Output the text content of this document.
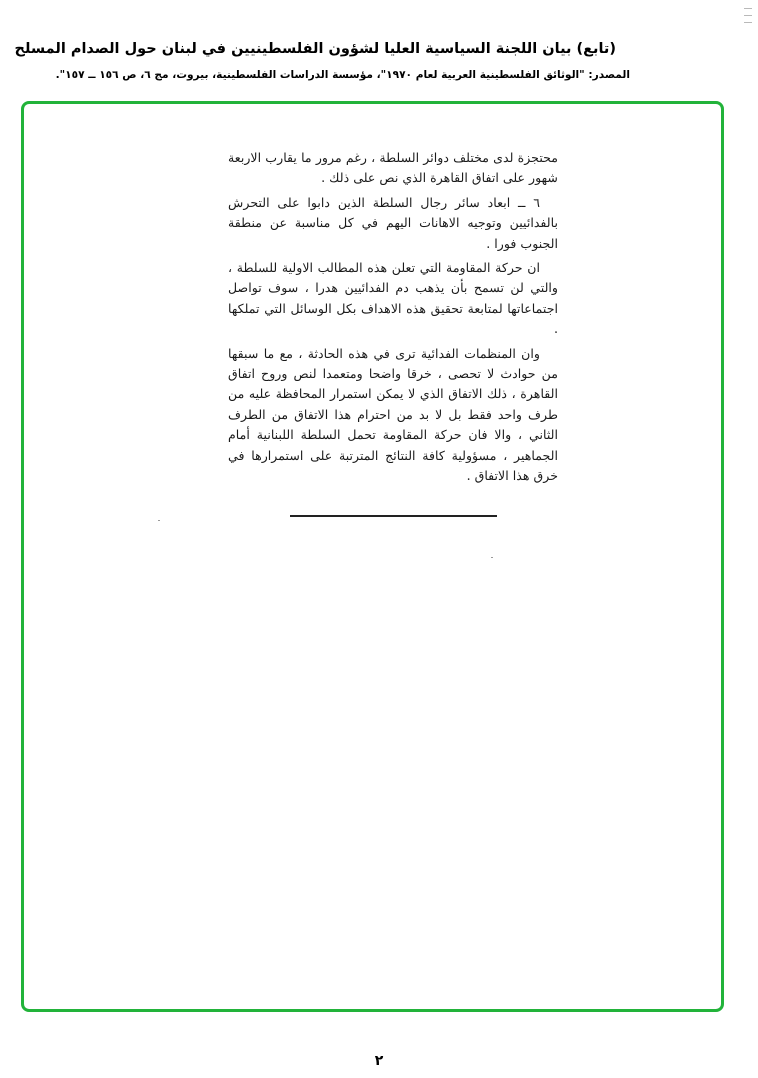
(تابع) بيان اللجنة السياسية العليا لشؤون الفلسطينيين في لبنان حول الصدام المسلح
المصدر: "الوثائق الفلسطينية العربية لعام ١٩٧٠"، مؤسسة الدراسات الفلسطينية، بيروت، مج ٦، ص ١٥٦ ــ ١٥٧".

محتجزة لدى مختلف دوائر السلطة ، رغم مرور ما يقارب الاربعة شهور على اتفاق القاهرة الذي نص على ذلك .

٦ ــ ابعاد سائر رجال السلطة الذين دابوا على التحرش بالفدائيين وتوجيه الاهانات اليهم في كل مناسبة عن منطقة الجنوب فورا .

ان حركة المقاومة التي تعلن هذه المطالب الاولية للسلطة ، والتي لن تسمح بأن يذهب دم الفدائيين هدرا ، سوف تواصل اجتماعاتها لمتابعة تحقيق هذه الاهداف بكل الوسائل التي تملكها .

وان المنظمات الفدائية ترى في هذه الحادثة ، مع ما سبقها من حوادث لا تحصى ، خرقا واضحا ومتعمدا لنص وروح اتفاق القاهرة ، ذلك الاتفاق الذي لا يمكن استمرار المحافظة عليه من طرف واحد فقط بل لا بد من احترام هذا الاتفاق من الطرف الثاني ، والا فان حركة المقاومة تحمل السلطة اللبنانية أمام الجماهير ، مسؤولية كافة النتائج المترتبة على استمرارها في خرق هذا الاتفاق .

٢
